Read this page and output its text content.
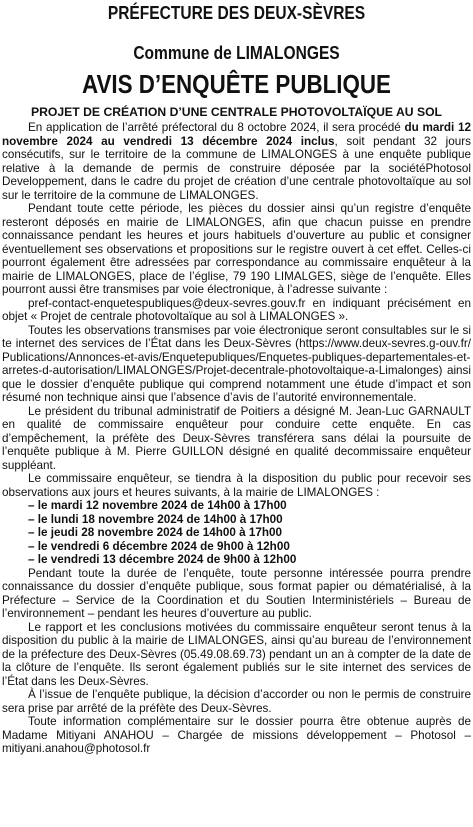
PRÉFECTURE DES DEUX-SÈVRES
Commune de LIMALONGES
AVIS D’ENQUÊTE PUBLIQUE
PROJET DE CRÉATION D’UNE CENTRALE PHOTOVOLTAÏQUE AU SOL

En application de l’arrêté préfectoral du 8 octobre 2024, il sera procédé du mardi 12 novembre 2024 au vendredi 13 décembre 2024 inclus, soit pendant 32 jours consécutifs, sur le territoire de la commune de LIMALONGES à une enquête publique relative à la demande de permis de construire déposée par la sociétéPhotosol Developpement, dans le cadre du projet de création d’une centrale photovoltaïque au sol sur le territoire de la commune de LIMALONGES.

Pendant toute cette période, les pièces du dossier ainsi qu’un registre d’enquête resteront déposés en mairie de LIMALONGES, afin que chacun puisse en prendre connaissance pendant les heures et jours habituels d’ouverture au public et consigner éventuellement ses observations et propositions sur le registre ouvert à cet effet. Celles-ci pourront également être adressées par correspondance au commissaire enquêteur à la mairie de LIMALONGES, place de l’église, 79 190 LIMALGES, siège de l’enquête. Elles pourront aussi être transmises par voie électronique, à l’adresse suivante :

pref-contact-enquetespubliques@deux-sevres.gouv.fr en indiquant précisément en objet « Projet de centrale photovoltaïque au sol à LIMALONGES ».

Toutes les observations transmises par voie électronique seront consultables sur le site internet des services de l’État dans les Deux-Sèvres (https://www.deux-sevres.g-ouv.fr/Publications/Annonces-et-avis/Enquetepubliques/Enquetes-publiques-departementales-et-arretes-d-autorisation/LIMALONGES/Projet-decentrale-photovoltaique-a-Limalonges) ainsi que le dossier d’enquête publique qui comprend notamment une étude d’impact et son résumé non technique ainsi que l’absence d’avis de l’autorité environnementale.

Le président du tribunal administratif de Poitiers a désigné M. Jean-Luc GARNAULT en qualité de commissaire enquêteur pour conduire cette enquête. En cas d’empêchement, la préfète des Deux-Sèvres transférera sans délai la poursuite de l’enquête publique à M. Pierre GUILLON désigné en qualité decommissaire enquêteur suppléant.

Le commissaire enquêteur, se tiendra à la disposition du public pour recevoir ses observations aux jours et heures suivants, à la mairie de LIMALONGES :

– le mardi 12 novembre 2024 de 14h00 à 17h00
– le lundi 18 novembre 2024 de 14h00 à 17h00
– le jeudi 28 novembre 2024 de 14h00 à 17h00
– le vendredi 6 décembre 2024 de 9h00 à 12h00
– le vendredi 13 décembre 2024 de 9h00 à 12h00

Pendant toute la durée de l’enquête, toute personne intéressée pourra prendre connaissance du dossier d’enquête publique, sous format papier ou dématérialisé, à la Préfecture – Service de la Coordination et du Soutien Interministériels – Bureau de l’environnement – pendant les heures d’ouverture au public.

Le rapport et les conclusions motivées du commissaire enquêteur seront tenus à la disposition du public à la mairie de LIMALONGES, ainsi qu’au bureau de l’environnement de la préfecture des Deux-Sèvres (05.49.08.69.73) pendant un an à compter de la date de la clôture de l’enquête. Ils seront également publiés sur le site internet des services de l’État dans les Deux-Sèvres.

À l’issue de l’enquête publique, la décision d’accorder ou non le permis de construire sera prise par arrêté de la préfète des Deux-Sèvres.

Toute information complémentaire sur le dossier pourra être obtenue auprès de Madame Mitiyani ANAHOU – Chargée de missions développement – Photosol – mitiyani.anahou@photosol.fr
